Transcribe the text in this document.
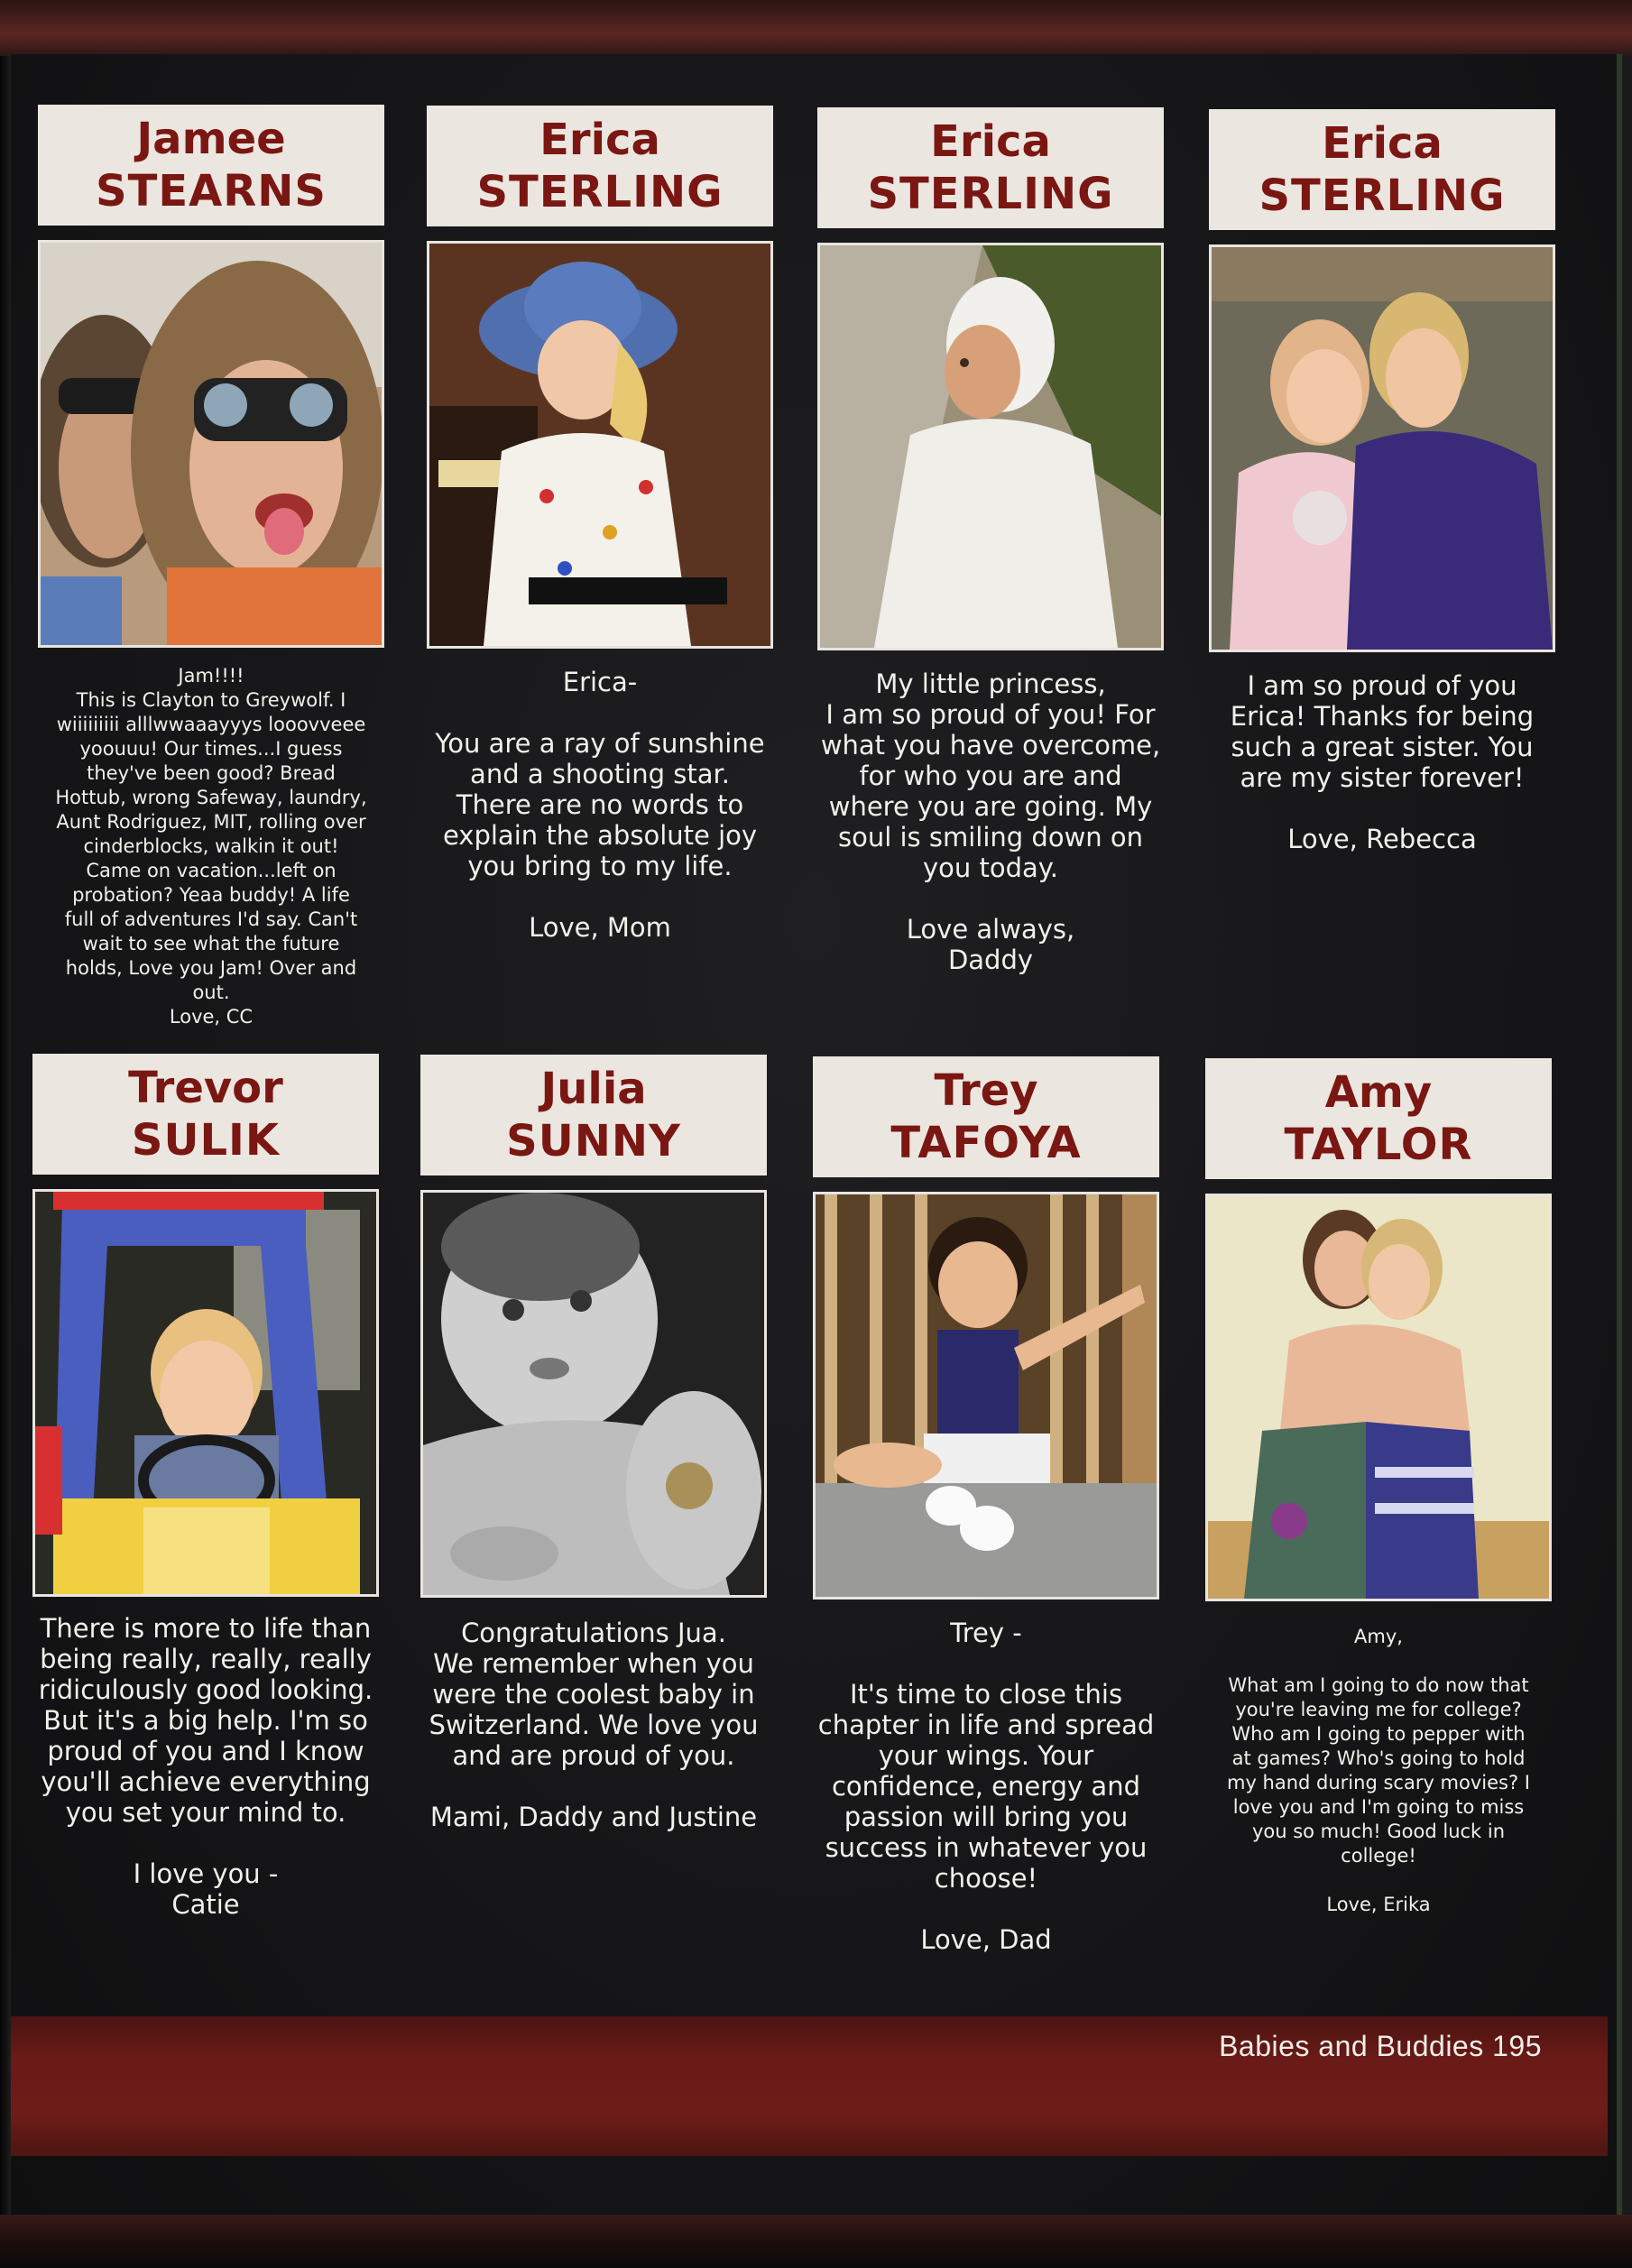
Jamee
STEARNS
Jam!!!!
This is Clayton to Greywolf. I
wiiiiiiiii alllwwaaayyys looovveee
yoouuu! Our times...I guess
they've been good? Bread
Hottub, wrong Safeway, laundry,
Aunt Rodriguez, MIT, rolling over
cinderblocks, walkin it out!
Came on vacation...left on
probation? Yeaa buddy! A life
full of adventures I'd say. Can't
wait to see what the future
holds, Love you Jam! Over and
out.
Love, CC
Erica
STERLING
Erica-

You are a ray of sunshine
and a shooting star.
There are no words to
explain the absolute joy
you bring to my life.

Love, Mom
Erica
STERLING
My little princess,
I am so proud of you! For
what you have overcome,
for who you are and
where you are going. My
soul is smiling down on
you today.

Love always,
Daddy
Erica
STERLING
I am so proud of you
Erica! Thanks for being
such a great sister. You
are my sister forever!

Love, Rebecca
Trevor
SULIK
There is more to life than
being really, really, really
ridiculously good looking.
But it's a big help. I'm so
proud of you and I know
you'll achieve everything
you set your mind to.

I love you -
Catie
Julia
SUNNY
Congratulations Jua.
We remember when you
were the coolest baby in
Switzerland. We love you
and are proud of you.

Mami, Daddy and Justine
Trey
TAFOYA
Trey -

It's time to close this
chapter in life and spread
your wings. Your
confidence, energy and
passion will bring you
success in whatever you
choose!

Love, Dad
Amy
TAYLOR
Amy,

What am I going to do now that
you're leaving me for college?
Who am I going to pepper with
at games? Who's going to hold
my hand during scary movies? I
love you and I'm going to miss
you so much! Good luck in
college!

Love, Erika
Babies and Buddies 195
